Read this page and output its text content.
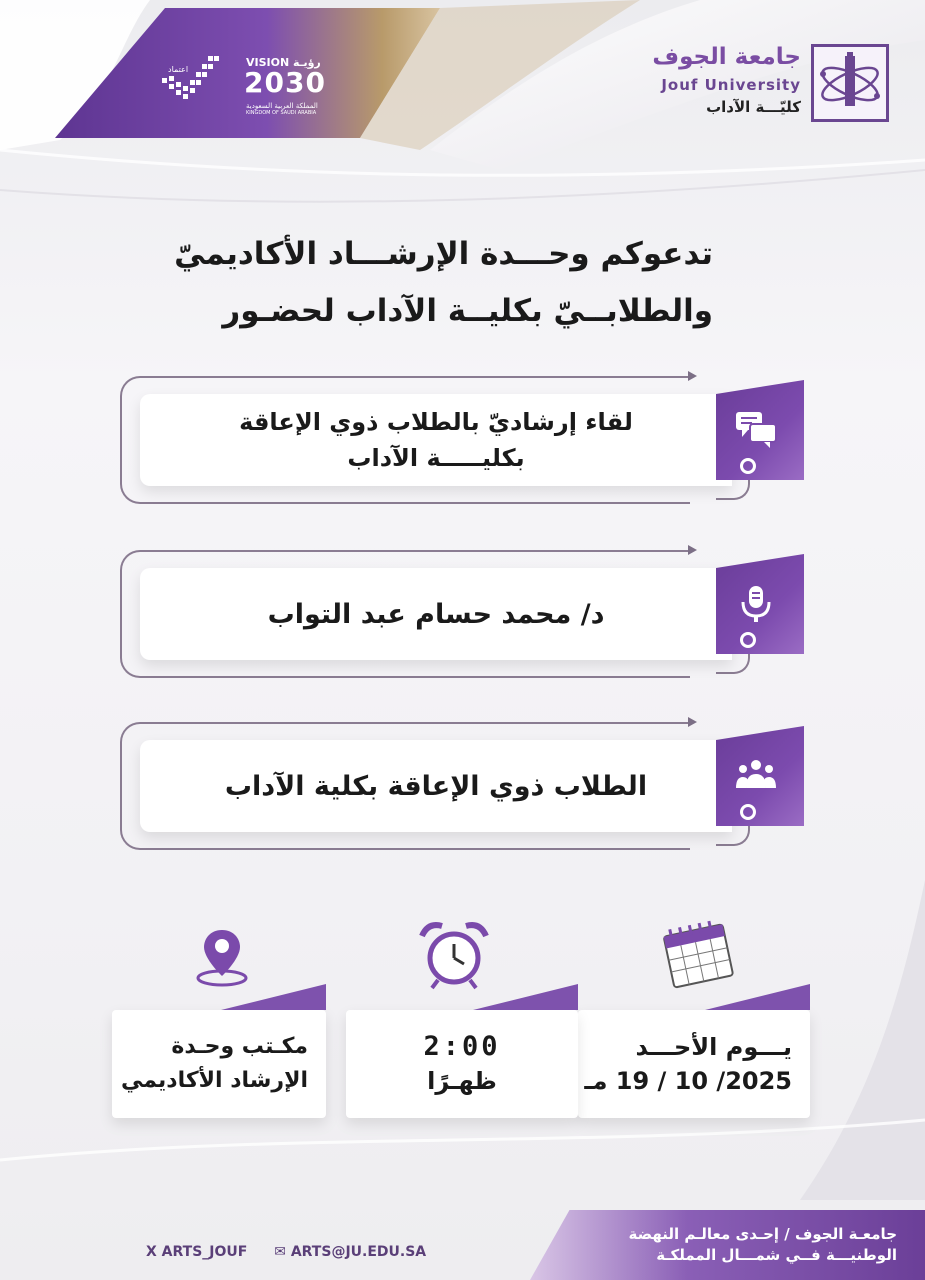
جامعة الجوف
Jouf University
كليّـــة الآداب
VISION رؤيـة
2030
المملكة العربية السعودية
KINGDOM OF SAUDI ARABIA
اعتماد
تدعوكم وحـــدة الإرشـــاد الأكاديميّ
والطلابــيّ بكليــة الآداب لحضـور
لقاء إرشاديّ بالطلاب ذوي الإعاقة
بكليـــــة الآداب
د/ محمد حسام عبد التواب
الطلاب ذوي الإعاقة بكلية الآداب
يـــوم الأحـــد
2025/ 10 / 19 مـ
2:00
ظهـرًا
مكـتب وحـدة
الإرشاد الأكاديمي
جامعـة الجوف / إحـدى معالـم النهضة
الوطنيـــة فــي شمـــال المملكـة
X ARTS_JOUF ✉ ARTS@JU.EDU.SA
